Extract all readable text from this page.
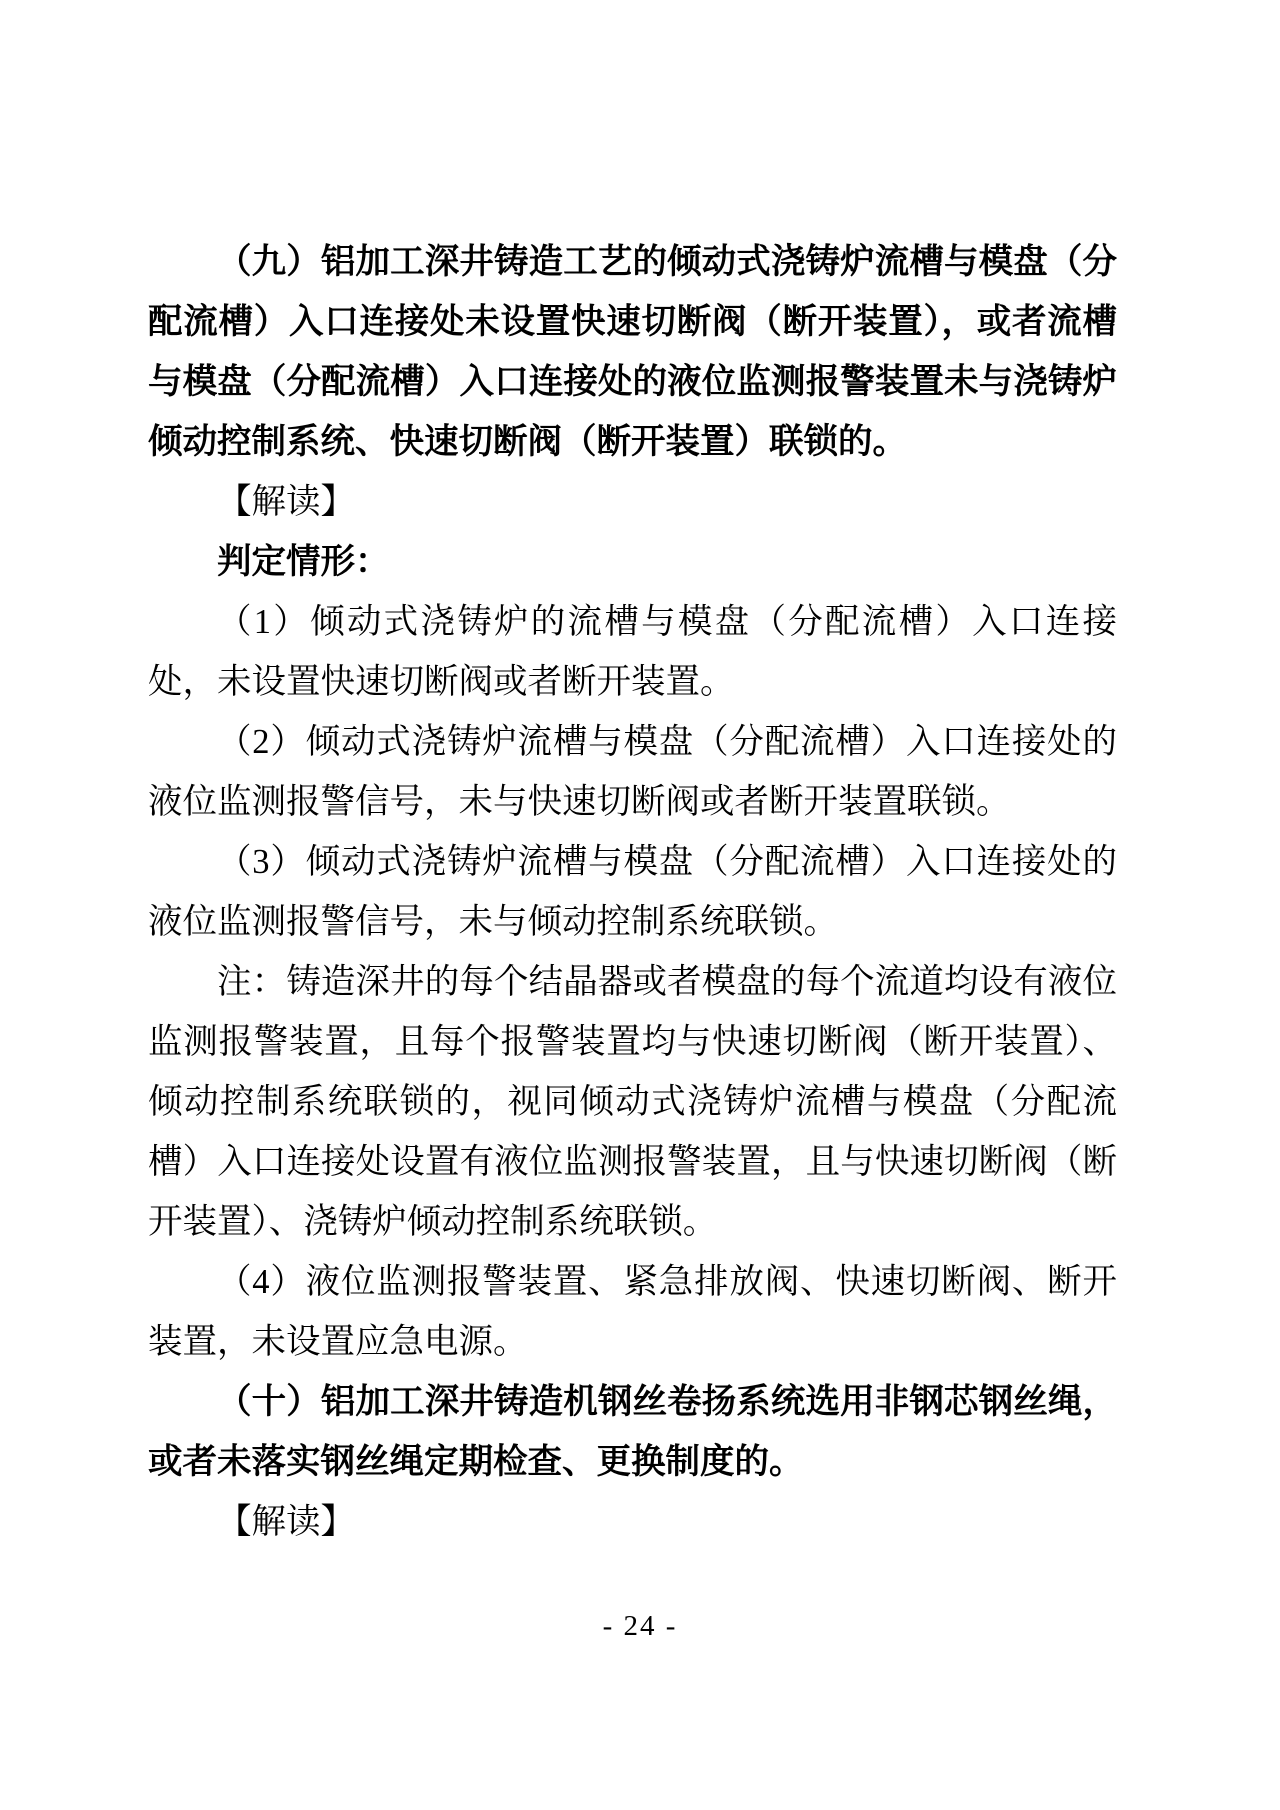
（九）铝加工深井铸造工艺的倾动式浇铸炉流槽与模盘（分配流槽）入口连接处未设置快速切断阀（断开装置），或者流槽与模盘（分配流槽）入口连接处的液位监测报警装置未与浇铸炉倾动控制系统、快速切断阀（断开装置）联锁的。

【解读】

判定情形：

（1）倾动式浇铸炉的流槽与模盘（分配流槽）入口连接处，未设置快速切断阀或者断开装置。

（2）倾动式浇铸炉流槽与模盘（分配流槽）入口连接处的液位监测报警信号，未与快速切断阀或者断开装置联锁。

（3）倾动式浇铸炉流槽与模盘（分配流槽）入口连接处的液位监测报警信号，未与倾动控制系统联锁。

注：铸造深井的每个结晶器或者模盘的每个流道均设有液位监测报警装置，且每个报警装置均与快速切断阀（断开装置）、倾动控制系统联锁的，视同倾动式浇铸炉流槽与模盘（分配流槽）入口连接处设置有液位监测报警装置，且与快速切断阀（断开装置）、浇铸炉倾动控制系统联锁。

（4）液位监测报警装置、紧急排放阀、快速切断阀、断开装置，未设置应急电源。

（十）铝加工深井铸造机钢丝卷扬系统选用非钢芯钢丝绳，或者未落实钢丝绳定期检查、更换制度的。

【解读】

- 24 -
